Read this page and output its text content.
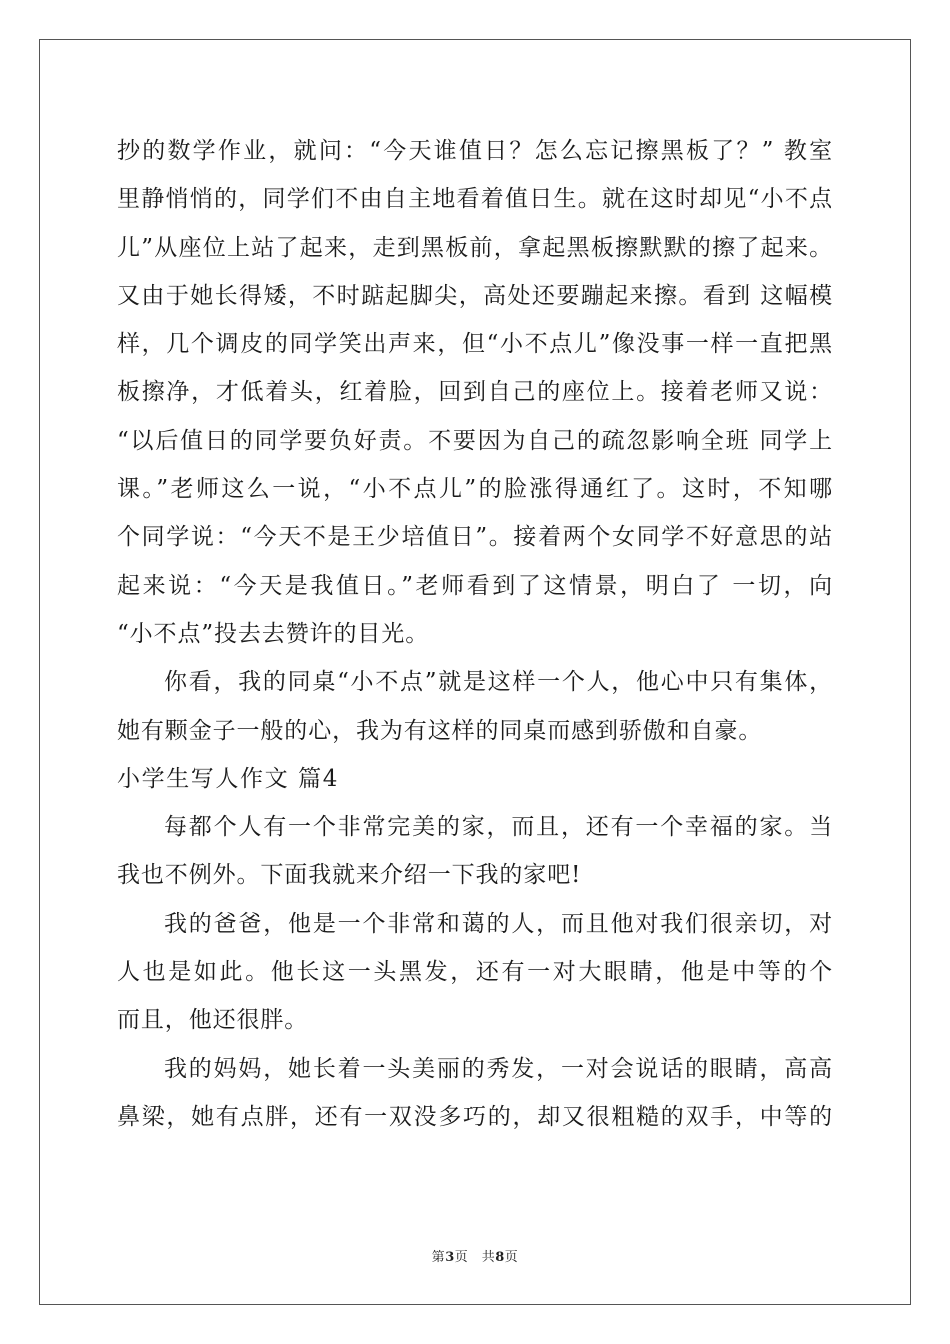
抄的数学作业，就问：“今天谁值日？怎么忘记擦黑板了？” 教室
里静悄悄的，同学们不由自主地看着值日生。就在这时却见“小不点
儿”从座位上站了起来，走到黑板前，拿起黑板擦默默的擦了起来。
又由于她长得矮，不时踮起脚尖，高处还要蹦起来擦。看到 这幅模
样，几个调皮的同学笑出声来，但“小不点儿”像没事一样一直把黑
板擦净，才低着头，红着脸，回到自己的座位上。接着老师又说：
“以后值日的同学要负好责。不要因为自己的疏忽影响全班 同学上
课。”老师这么一说，“小不点儿”的脸涨得通红了。这时，不知哪
个同学说：“今天不是王少培值日”。接着两个女同学不好意思的站
起来说：“今天是我值日。”老师看到了这情景，明白了 一切，向
“小不点”投去去赞许的目光。
你看，我的同桌“小不点”就是这样一个人，他心中只有集体，
她有颗金子一般的心，我为有这样的同桌而感到骄傲和自豪。
小学生写人作文 篇4
每都个人有一个非常完美的家，而且，还有一个幸福的家。当
我也不例外。下面我就来介绍一下我的家吧!
我的爸爸，他是一个非常和蔼的人，而且他对我们很亲切，对
人也是如此。他长这一头黑发，还有一对大眼睛，他是中等的个
而且，他还很胖。
我的妈妈，她长着一头美丽的秀发，一对会说话的眼睛，高高
鼻梁，她有点胖，还有一双没多巧的，却又很粗糙的双手，中等的
第3页　共8页
